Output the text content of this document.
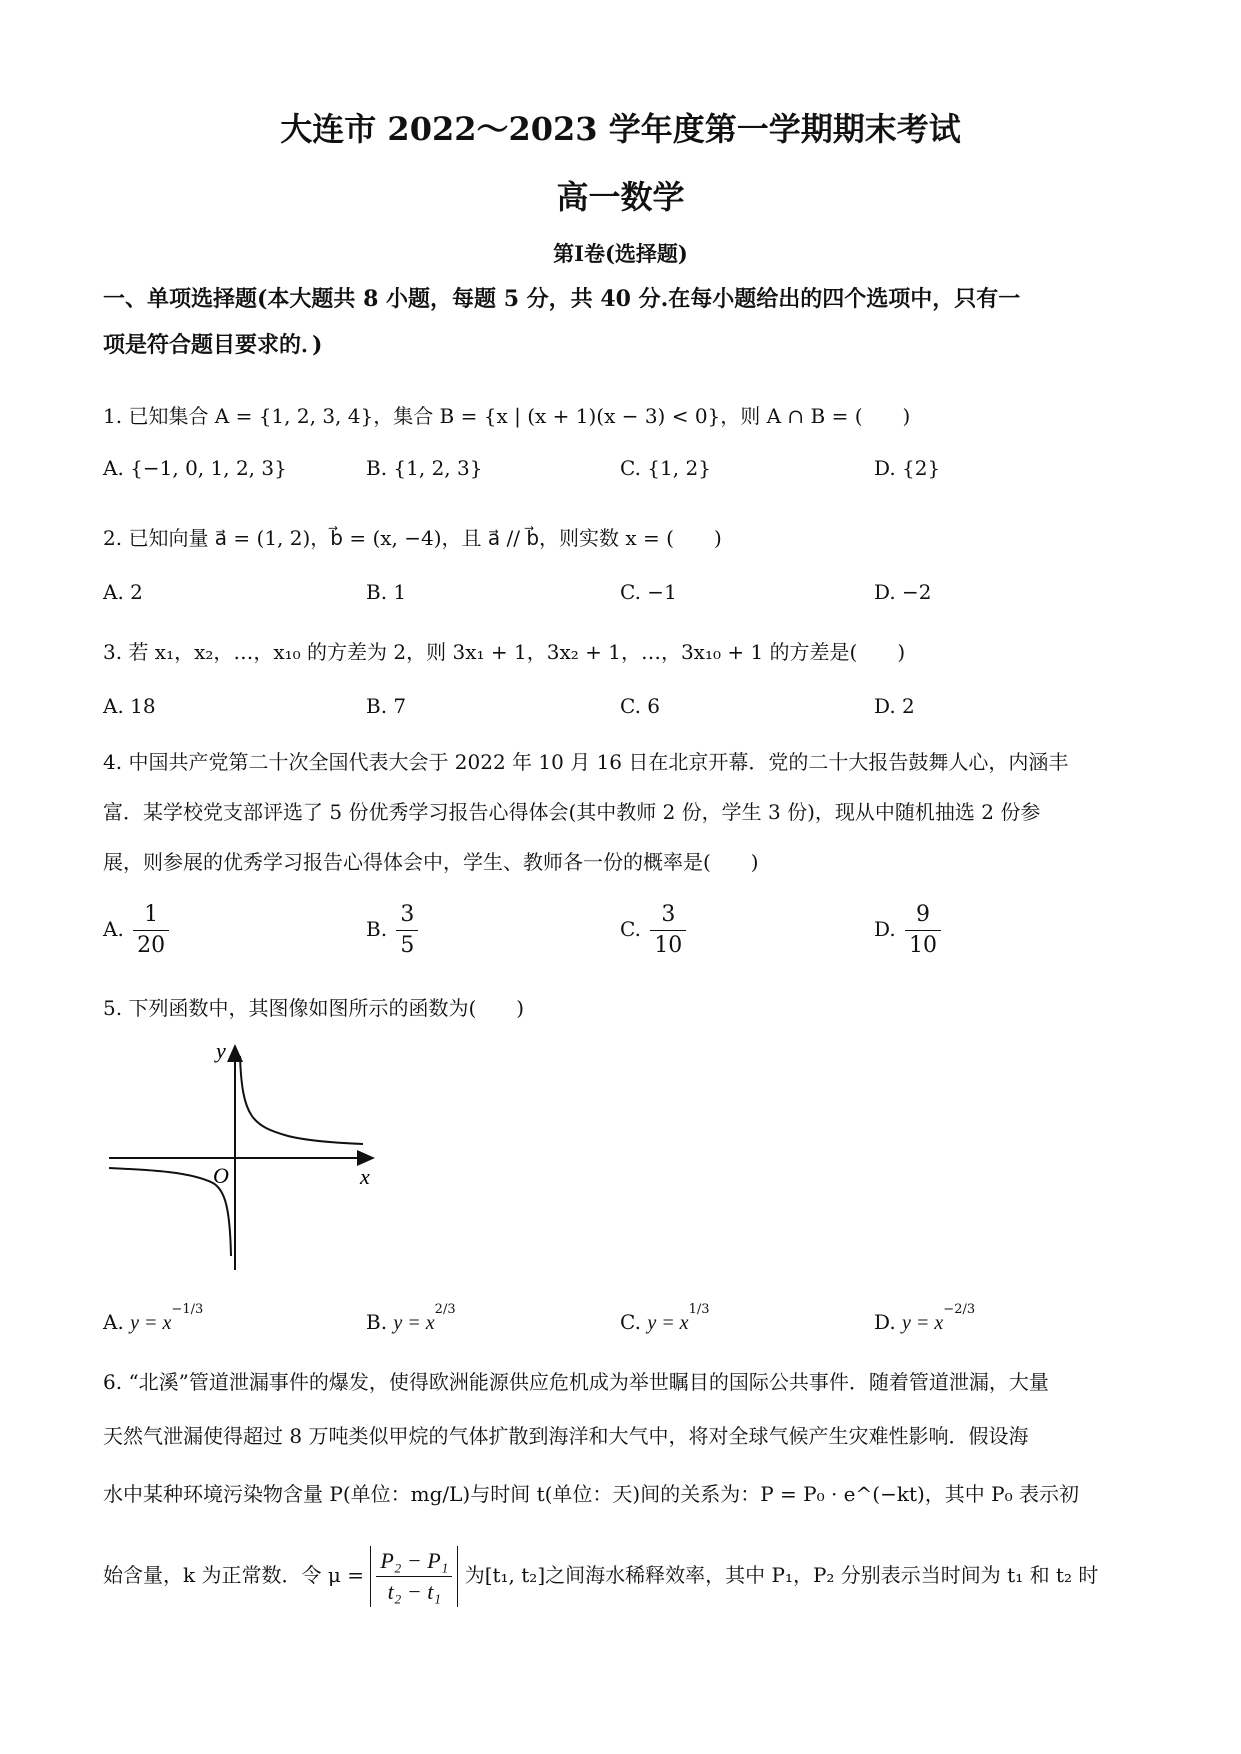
大连市 2022～2023 学年度第一学期期末考试
高一数学
第Ⅰ卷(选择题)
一、单项选择题(本大题共 8 小题，每题 5 分，共 40 分.在每小题给出的四个选项中，只有一
项是符合题目要求的．)
1. 已知集合 A = {1, 2, 3, 4}，集合 B = {x | (x + 1)(x − 3) < 0}，则 A ∩ B = (　　)
A. {−1, 0, 1, 2, 3}	B. {1, 2, 3}	C. {1, 2}	D. {2}
2. 已知向量 a⃗ = (1, 2)，b⃗ = (x, −4)，且 a⃗ // b⃗，则实数 x = (　　)
A. 2	B. 1	C. −1	D. −2
3. 若 x₁，x₂，…，x₁₀ 的方差为 2，则 3x₁ + 1，3x₂ + 1，…，3x₁₀ + 1 的方差是(　　)
A. 18	B. 7	C. 6	D. 2
4. 中国共产党第二十次全国代表大会于 2022 年 10 月 16 日在北京开幕．党的二十大报告鼓舞人心，内涵丰
富．某学校党支部评选了 5 份优秀学习报告心得体会(其中教师 2 份，学生 3 份)，现从中随机抽选 2 份参
展，则参展的优秀学习报告心得体会中，学生、教师各一份的概率是(　　)
A. $\frac{1}{20}$	B. $\frac{3}{5}$	C. $\frac{3}{10}$	D. $\frac{9}{10}$
5. 下列函数中，其图像如图所示的函数为(　　)
y
x
O
A. $y = x^{-1/3}$
B. $y = x^{2/3}$
C. $y = x^{1/3}$
D. $y = x^{-2/3}$
6. “北溪”管道泄漏事件的爆发，使得欧洲能源供应危机成为举世瞩目的国际公共事件．随着管道泄漏，大量
天然气泄漏使得超过 8 万吨类似甲烷的气体扩散到海洋和大气中，将对全球气候产生灾难性影响．假设海
水中某种环境污染物含量 P(单位：mg/L)与时间 t(单位：天)间的关系为：P = P₀ · e^(−kt)，其中 P₀ 表示初
始含量，k 为正常数．令 $\mu = \frac{\text{P₂ − P₁}}{\text{t₂ − t₁}}$ 为[t₁, t₂]之间海水稀释效率，其中 P₁，P₂ 分别表示当时间为 t₁ 和 t₂ 时
